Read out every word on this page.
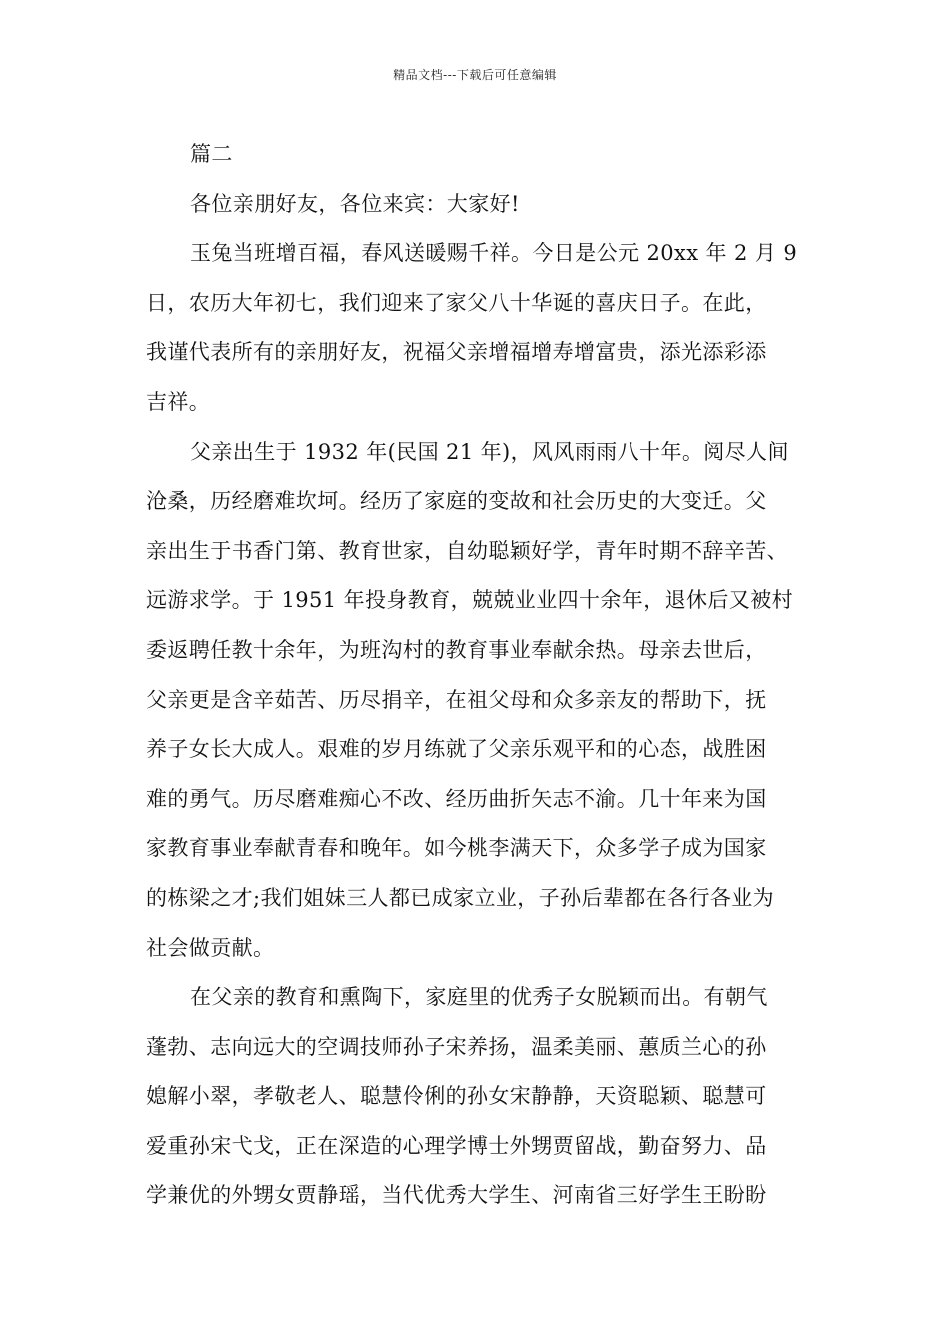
精品文档---下载后可任意编辑
篇二
各位亲朋好友，各位来宾：大家好!
玉兔当班增百福，春风送暖赐千祥。今日是公元 20xx 年 2 月 9
日，农历大年初七，我们迎来了家父八十华诞的喜庆日子。在此，
我谨代表所有的亲朋好友，祝福父亲增福增寿增富贵，添光添彩添
吉祥。
父亲出生于 1932 年(民国 21 年)，风风雨雨八十年。阅尽人间
沧桑，历经磨难坎坷。经历了家庭的变故和社会历史的大变迁。父
亲出生于书香门第、教育世家，自幼聪颖好学，青年时期不辞辛苦、
远游求学。于 1951 年投身教育，兢兢业业四十余年，退休后又被村
委返聘任教十余年，为班沟村的教育事业奉献余热。母亲去世后，
父亲更是含辛茹苦、历尽捐辛，在祖父母和众多亲友的帮助下，抚
养子女长大成人。艰难的岁月练就了父亲乐观平和的心态，战胜困
难的勇气。历尽磨难痴心不改、经历曲折矢志不渝。几十年来为国
家教育事业奉献青春和晚年。如今桃李满天下，众多学子成为国家
的栋梁之才;我们姐妹三人都已成家立业，子孙后辈都在各行各业为
社会做贡献。
在父亲的教育和熏陶下，家庭里的优秀子女脱颖而出。有朝气
蓬勃、志向远大的空调技师孙子宋养扬，温柔美丽、蕙质兰心的孙
媳解小翠，孝敬老人、聪慧伶俐的孙女宋静静，天资聪颖、聪慧可
爱重孙宋弋戈，正在深造的心理学博士外甥贾留战，勤奋努力、品
学兼优的外甥女贾静瑶，当代优秀大学生、河南省三好学生王盼盼
